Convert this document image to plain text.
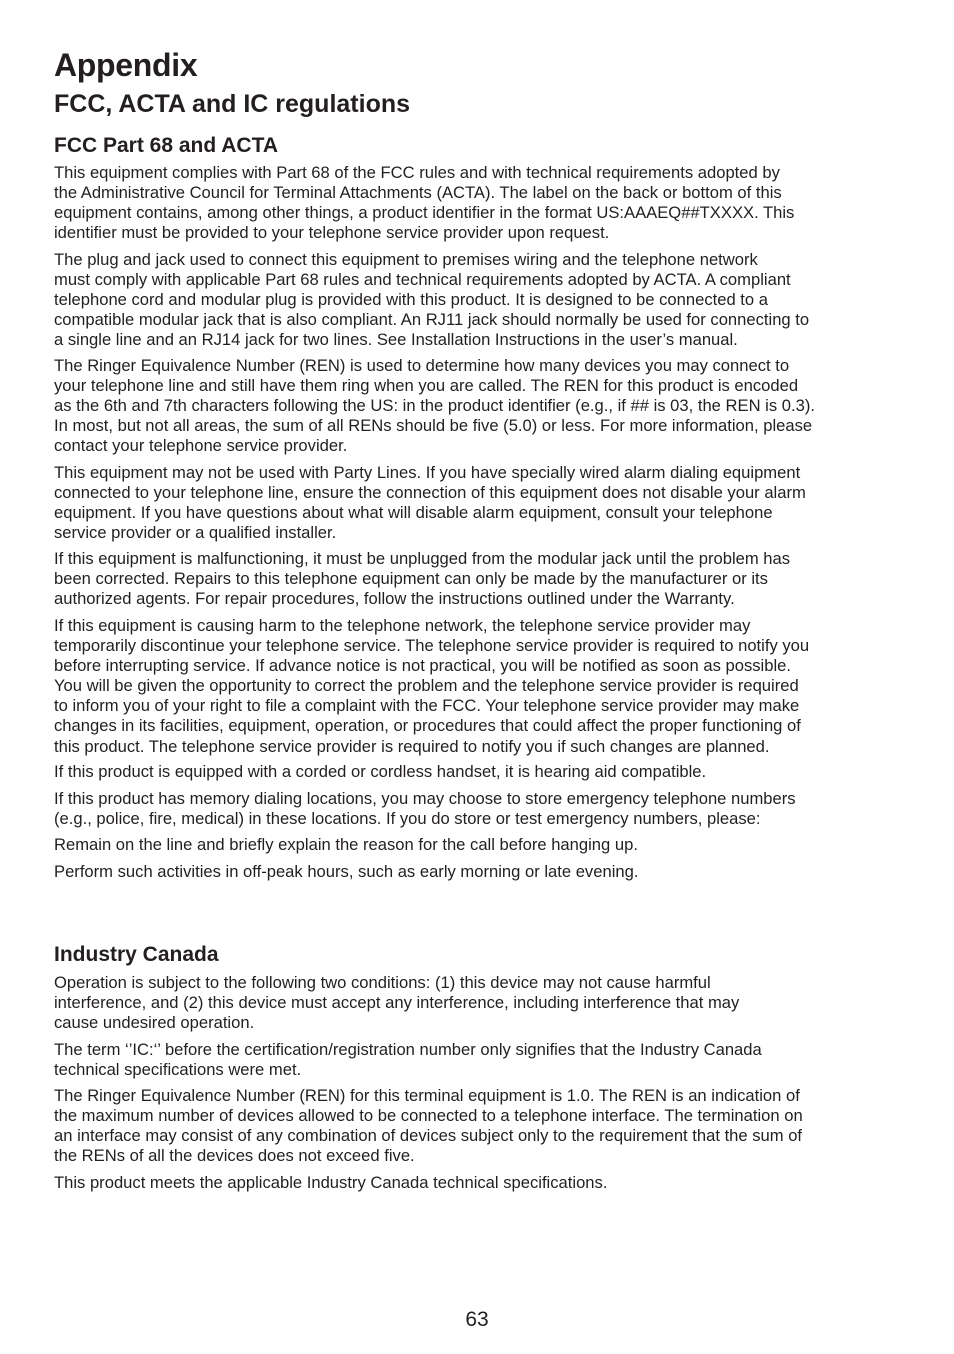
Appendix
FCC, ACTA and IC regulations
FCC Part 68 and ACTA

This equipment complies with Part 68 of the FCC rules and with technical requirements adopted by
the Administrative Council for Terminal Attachments (ACTA). The label on the back or bottom of this
equipment contains, among other things, a product identifier in the format US:AAAEQ##TXXXX. This
identifier must be provided to your telephone service provider upon request.

The plug and jack used to connect this equipment to premises wiring and the telephone network
must comply with applicable Part 68 rules and technical requirements adopted by ACTA. A compliant
telephone cord and modular plug is provided with this product. It is designed to be connected to a
compatible modular jack that is also compliant. An RJ11 jack should normally be used for connecting to
a single line and an RJ14 jack for two lines. See Installation Instructions in the user’s manual.

The Ringer Equivalence Number (REN) is used to determine how many devices you may connect to
your telephone line and still have them ring when you are called. The REN for this product is encoded
as the 6th and 7th characters following the US: in the product identifier (e.g., if ## is 03, the REN is 0.3).
In most, but not all areas, the sum of all RENs should be five (5.0) or less. For more information, please
contact your telephone service provider.

This equipment may not be used with Party Lines. If you have specially wired alarm dialing equipment
connected to your telephone line, ensure the connection of this equipment does not disable your alarm
equipment. If you have questions about what will disable alarm equipment, consult your telephone
service provider or a qualified installer.

If this equipment is malfunctioning, it must be unplugged from the modular jack until the problem has
been corrected. Repairs to this telephone equipment can only be made by the manufacturer or its
authorized agents. For repair procedures, follow the instructions outlined under the Warranty.

If this equipment is causing harm to the telephone network, the telephone service provider may
temporarily discontinue your telephone service. The telephone service provider is required to notify you
before interrupting service. If advance notice is not practical, you will be notified as soon as possible.
You will be given the opportunity to correct the problem and the telephone service provider is required
to inform you of your right to file a complaint with the FCC. Your telephone service provider may make
changes in its facilities, equipment, operation, or procedures that could affect the proper functioning of
this product. The telephone service provider is required to notify you if such changes are planned.

If this product is equipped with a corded or cordless handset, it is hearing aid compatible.

If this product has memory dialing locations, you may choose to store emergency telephone numbers
(e.g., police, fire, medical) in these locations. If you do store or test emergency numbers, please:

Remain on the line and briefly explain the reason for the call before hanging up.

Perform such activities in off-peak hours, such as early morning or late evening.

Industry Canada

Operation is subject to the following two conditions: (1) this device may not cause harmful
interference, and (2) this device must accept any interference, including interference that may
cause undesired operation.

The term ‘’IC:‘’ before the certification/registration number only signifies that the Industry Canada
technical specifications were met.

The Ringer Equivalence Number (REN) for this terminal equipment is 1.0. The REN is an indication of
the maximum number of devices allowed to be connected to a telephone interface. The termination on
an interface may consist of any combination of devices subject only to the requirement that the sum of
the RENs of all the devices does not exceed five.

This product meets the applicable Industry Canada technical specifications.

63
